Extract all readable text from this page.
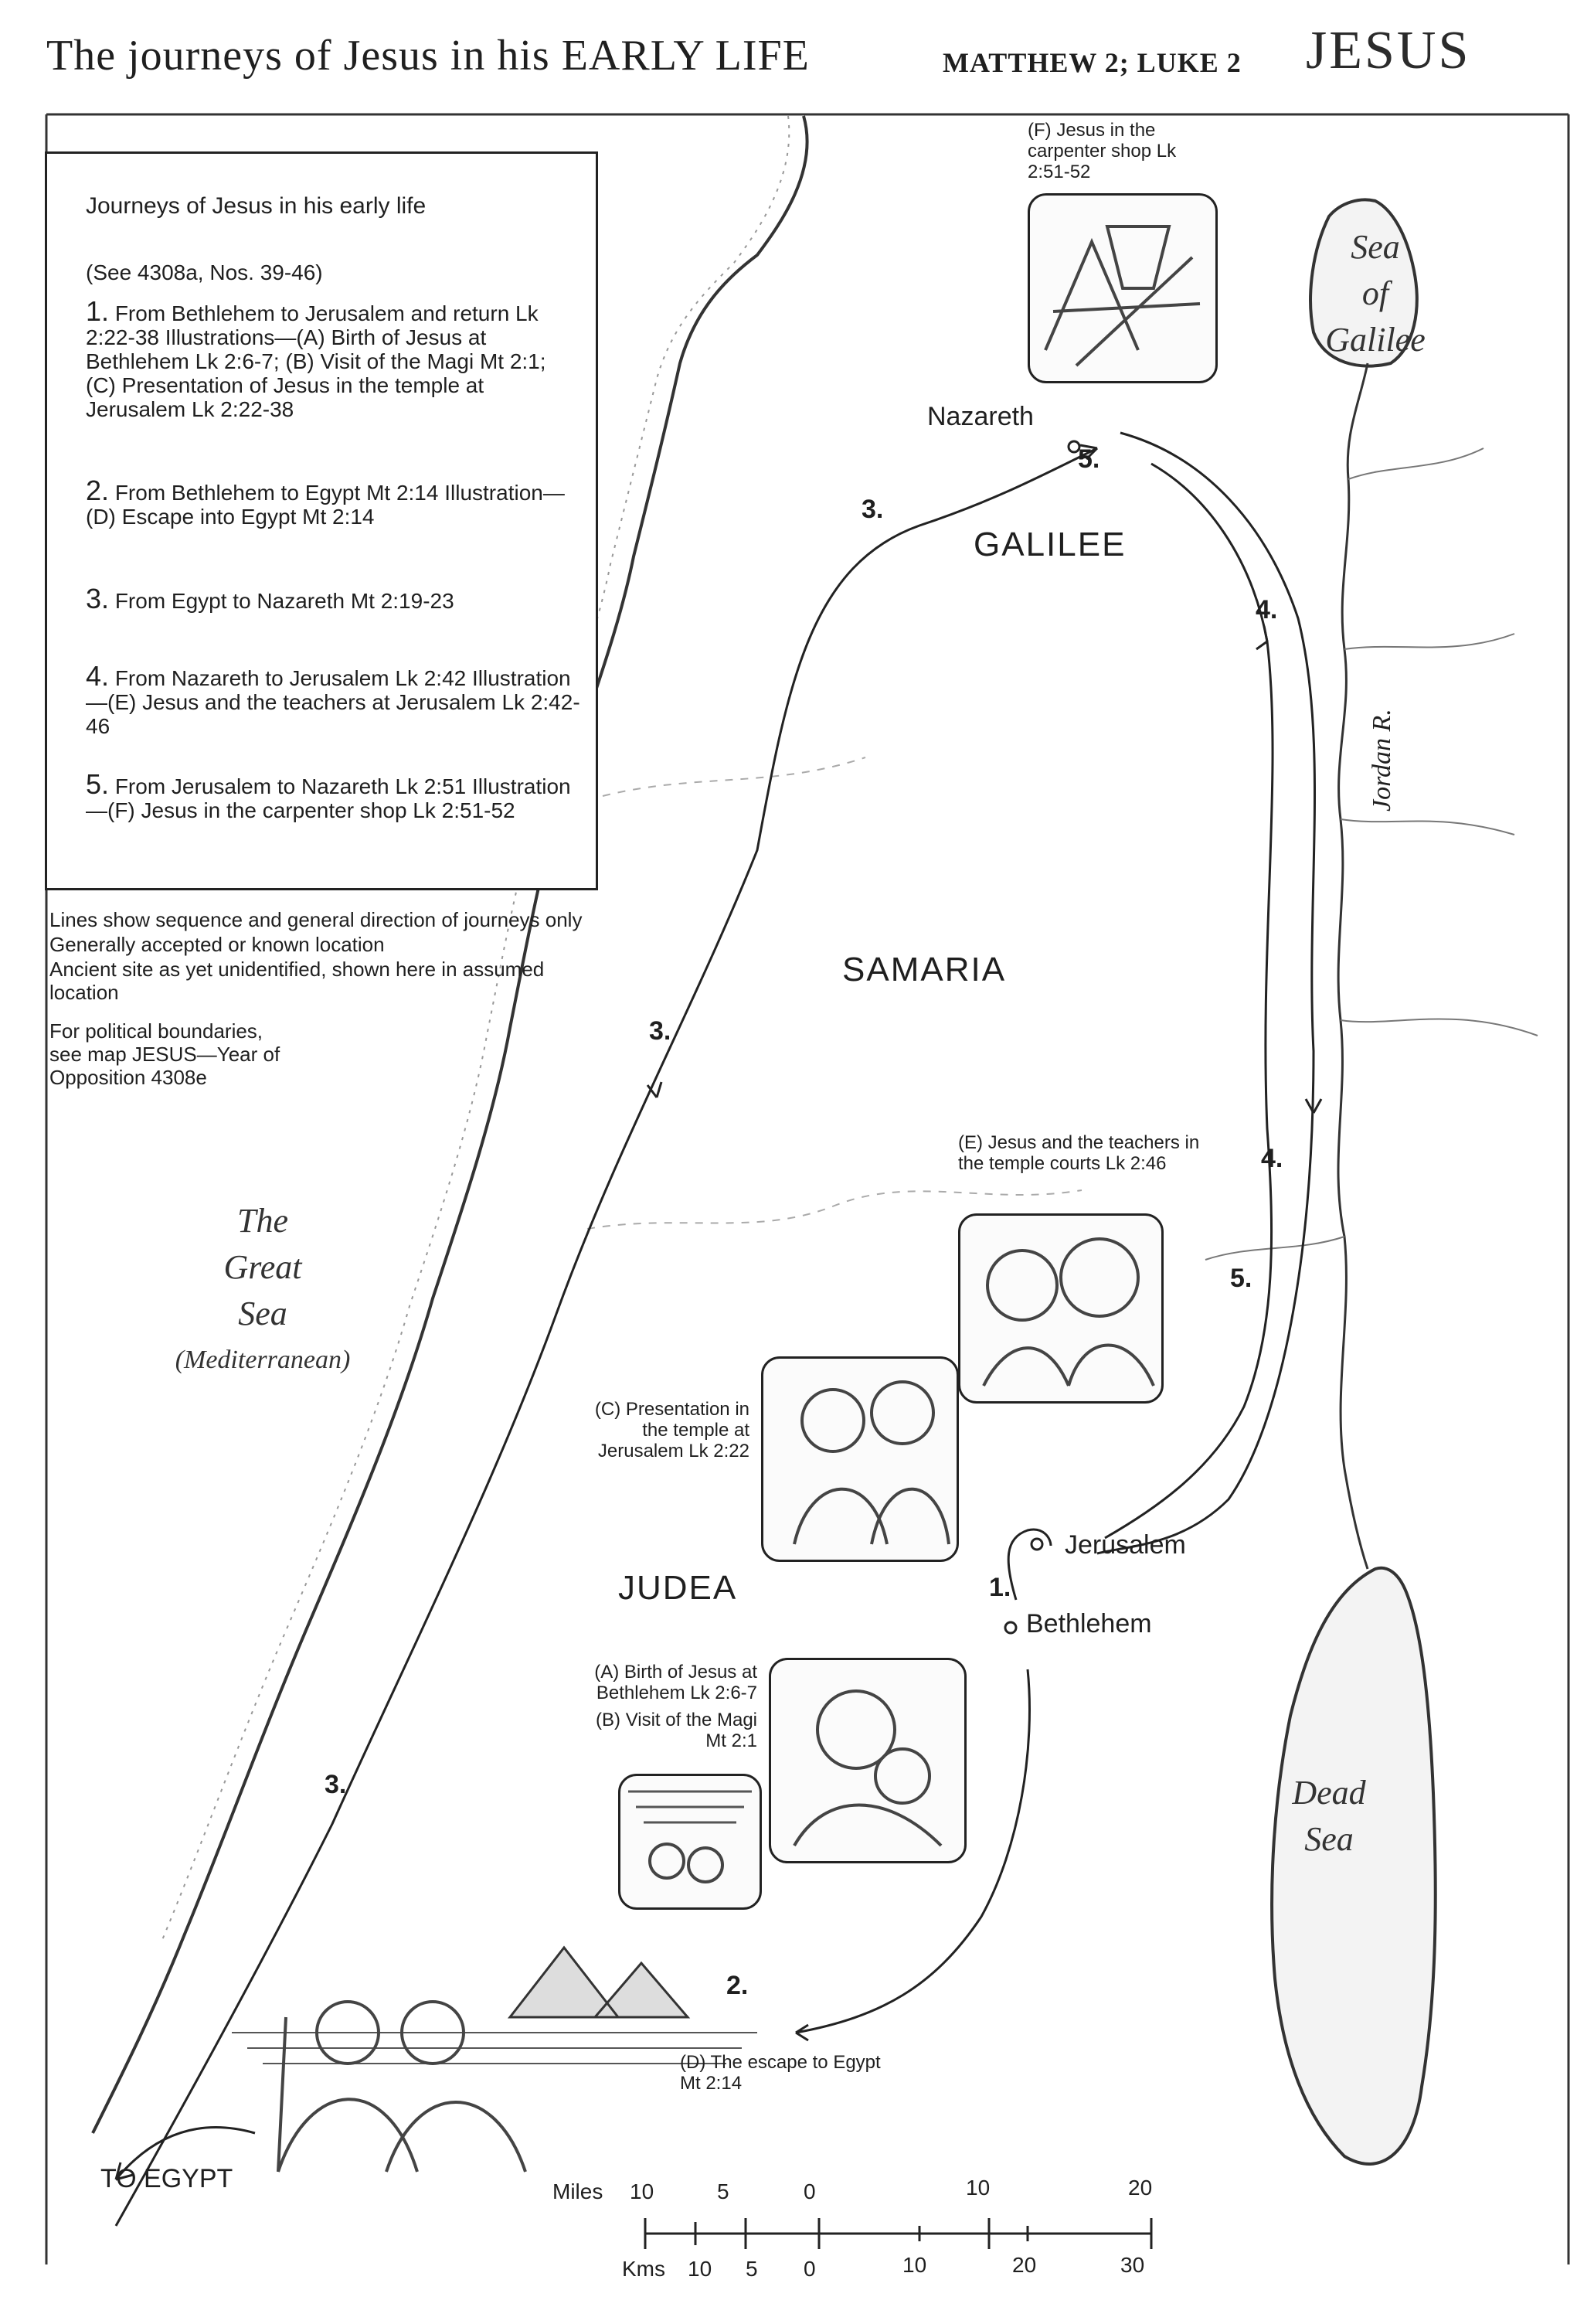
The journeys of Jesus in his EARLY LIFE	MATTHEW 2; LUKE 2 JESUS
Journeys of Jesus in his early life
(See 4308a, Nos. 39-46)
1. From Bethlehem to Jerusalem and return Lk 2:22-38 Illustrations—(A) Birth of Jesus at Bethlehem Lk 2:6-7; (B) Visit of the Magi Mt 2:1; (C) Presentation of Jesus in the temple at Jerusalem Lk 2:22-38
2. From Bethlehem to Egypt Mt 2:14 Illustration—(D) Escape into Egypt Mt 2:14
3. From Egypt to Nazareth Mt 2:19-23
4. From Nazareth to Jerusalem Lk 2:42 Illustration—(E) Jesus and the teachers at Jerusalem Lk 2:42-46
5. From Jerusalem to Nazareth Lk 2:51 Illustration—(F) Jesus in the carpenter shop Lk 2:51-52
Lines show sequence and general direction of journeys only
Generally accepted or known location
Ancient site as yet unidentified, shown here in assumed location
For political boundaries, see map JESUS—Year of Opposition 4308e
GALILEE
SAMARIA
JUDEA
Nazareth
Jerusalem
Bethlehem
TO EGYPT
Jordan R.
Sea
of
Galilee
Dead
Sea
The
Great
Sea
(Mediterranean)
3.
5.
4.
3.
4.
5.
1.
3.
2.
(F) Jesus in the carpenter shop Lk 2:51-52
(E) Jesus and the teachers in the temple courts Lk 2:46
(C) Presentation in the temple at Jerusalem Lk 2:22
(A) Birth of Jesus at Bethlehem Lk 2:6-7
(B) Visit of the Magi Mt 2:1
(D) The escape to Egypt Mt 2:14
Miles 10	5	0	10	20
Kms 10 5 0	10	20	30
